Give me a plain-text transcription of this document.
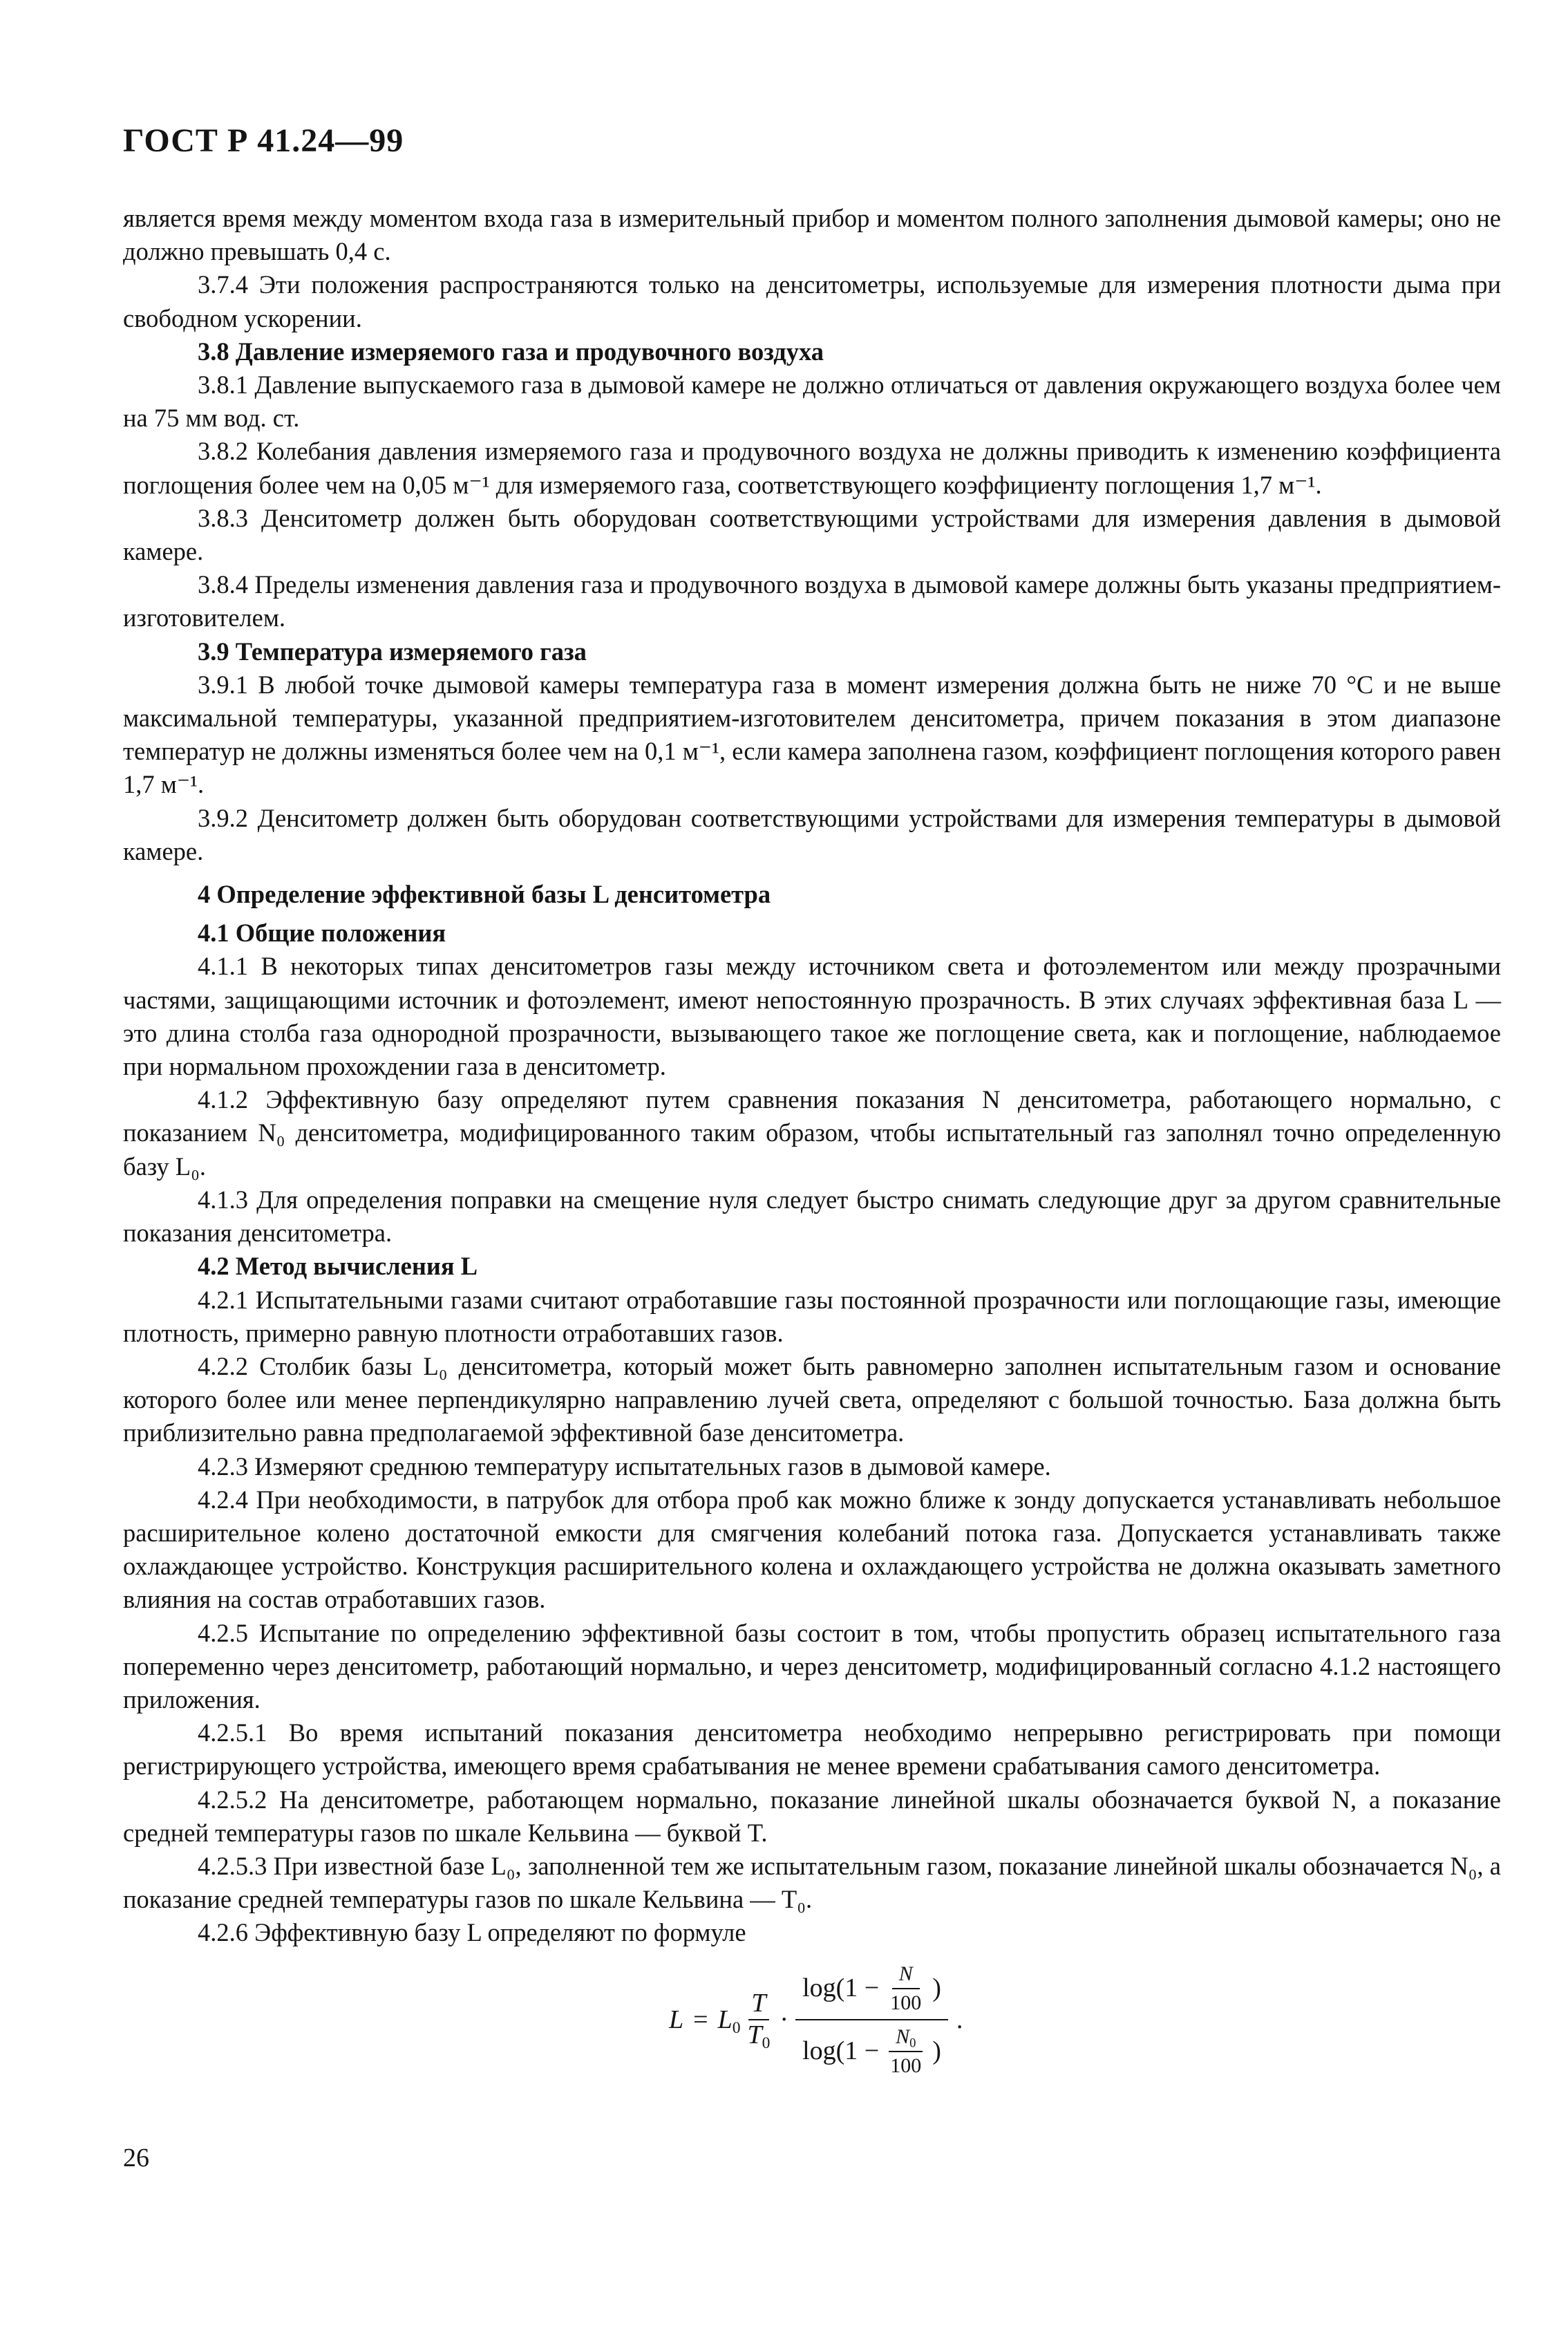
ГОСТ Р 41.24—99

является время между моментом входа газа в измерительный прибор и моментом полного заполнения дымовой камеры; оно не должно превышать 0,4 с.

3.7.4 Эти положения распространяются только на денситометры, используемые для измерения плотности дыма при свободном ускорении.

3.8 Давление измеряемого газа и продувочного воздуха

3.8.1 Давление выпускаемого газа в дымовой камере не должно отличаться от давления окружающего воздуха более чем на 75 мм вод. ст.

3.8.2 Колебания давления измеряемого газа и продувочного воздуха не должны приводить к изменению коэффициента поглощения более чем на 0,05 м⁻¹ для измеряемого газа, соответствующего коэффициенту поглощения 1,7 м⁻¹.

3.8.3 Денситометр должен быть оборудован соответствующими устройствами для измерения давления в дымовой камере.

3.8.4 Пределы изменения давления газа и продувочного воздуха в дымовой камере должны быть указаны предприятием-изготовителем.

3.9 Температура измеряемого газа

3.9.1 В любой точке дымовой камеры температура газа в момент измерения должна быть не ниже 70 °С и не выше максимальной температуры, указанной предприятием-изготовителем денситометра, причем показания в этом диапазоне температур не должны изменяться более чем на 0,1 м⁻¹, если камера заполнена газом, коэффициент поглощения которого равен 1,7 м⁻¹.

3.9.2 Денситометр должен быть оборудован соответствующими устройствами для измерения температуры в дымовой камере.

4 Определение эффективной базы L денситометра

4.1 Общие положения

4.1.1 В некоторых типах денситометров газы между источником света и фотоэлементом или между прозрачными частями, защищающими источник и фотоэлемент, имеют непостоянную прозрачность. В этих случаях эффективная база L — это длина столба газа однородной прозрачности, вызывающего такое же поглощение света, как и поглощение, наблюдаемое при нормальном прохождении газа в денситометр.

4.1.2 Эффективную базу определяют путем сравнения показания N денситометра, работающего нормально, с показанием N₀ денситометра, модифицированного таким образом, чтобы испытательный газ заполнял точно определенную базу L₀.

4.1.3 Для определения поправки на смещение нуля следует быстро снимать следующие друг за другом сравнительные показания денситометра.

4.2 Метод вычисления L

4.2.1 Испытательными газами считают отработавшие газы постоянной прозрачности или поглощающие газы, имеющие плотность, примерно равную плотности отработавших газов.

4.2.2 Столбик базы L₀ денситометра, который может быть равномерно заполнен испытательным газом и основание которого более или менее перпендикулярно направлению лучей света, определяют с большой точностью. База должна быть приблизительно равна предполагаемой эффективной базе денситометра.

4.2.3 Измеряют среднюю температуру испытательных газов в дымовой камере.

4.2.4 При необходимости, в патрубок для отбора проб как можно ближе к зонду допускается устанавливать небольшое расширительное колено достаточной емкости для смягчения колебаний потока газа. Допускается устанавливать также охлаждающее устройство. Конструкция расширительного колена и охлаждающего устройства не должна оказывать заметного влияния на состав отработавших газов.

4.2.5 Испытание по определению эффективной базы состоит в том, чтобы пропустить образец испытательного газа попеременно через денситометр, работающий нормально, и через денситометр, модифицированный согласно 4.1.2 настоящего приложения.

4.2.5.1 Во время испытаний показания денситометра необходимо непрерывно регистрировать при помощи регистрирующего устройства, имеющего время срабатывания не менее времени срабатывания самого денситометра.

4.2.5.2 На денситометре, работающем нормально, показание линейной шкалы обозначается буквой N, а показание средней температуры газов по шкале Кельвина — буквой T.

4.2.5.3 При известной базе L₀, заполненной тем же испытательным газом, показание линейной шкалы обозначается N₀, а показание средней температуры газов по шкале Кельвина — T₀.

4.2.6 Эффективную базу L определяют по формуле

$L = L_0 \frac{T}{T_0}$ ·
$\log(1 - \frac{N}{100}$ )
$\log(1 - \frac{N_0}{100}$ )
.
26
